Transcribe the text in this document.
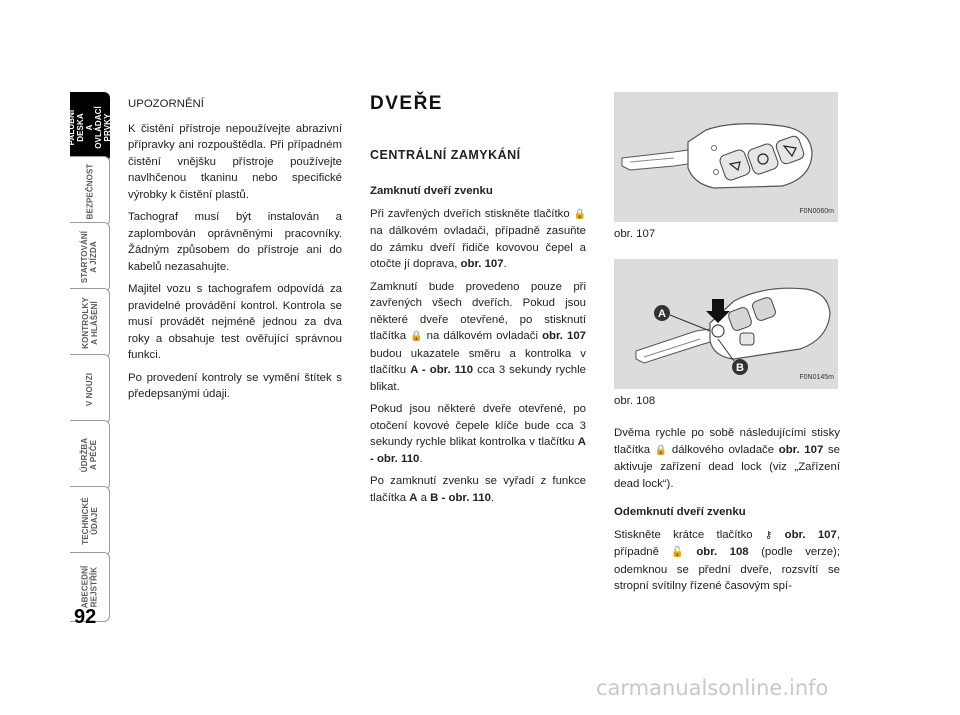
PALUBNÍ DESKA
A OVLÁDACÍ PRVKY
BEZPEČNOST
STARTOVÁNÍ
A JÍZDA
KONTROLKY
A HLÁŠENÍ
V NOUZI
ÚDRŽBA
A PÉČE
TECHNICKÉ
ÚDAJE
ABECEDNÍ
REJSTŘÍK
92

UPOZORNĚNÍ

K čistění přístroje nepoužívejte abrazivní přípravky ani rozpouštědla. Při případném čistění vnějšku přístroje používejte navlhčenou tkaninu nebo specifické výrobky k čistění plastů.

Tachograf musí být instalován a zaplombován oprávněnými pracovníky. Žádným způsobem do přístroje ani do kabelů nezasahujte.

Majitel vozu s tachografem odpovídá za pravidelné provádění kontrol. Kontrola se musí provádět nejméně jednou za dva roky a obsahuje test ověřující správnou funkci.

Po provedení kontroly se vymění štítek s předepsanými údaji.

DVEŘE
CENTRÁLNÍ ZAMYKÁNÍ

Zamknutí dveří zvenku

Při zavřených dveřích stiskněte tlačítko 🔒 na dálkovém ovladači, případně zasuňte do zámku dveří řidiče kovovou čepel a otočte jí doprava, obr. 107.

Zamknutí bude provedeno pouze při zavřených všech dveřích. Pokud jsou některé dveře otevřené, po stisknutí tlačítka 🔒 na dálkovém ovladači obr. 107 budou ukazatele směru a kontrolka v tlačítku A - obr. 110 cca 3 sekundy rychle blikat.

Pokud jsou některé dveře otevřené, po otočení kovové čepele klíče bude cca 3 sekundy rychle blikat kontrolka v tlačítku A - obr. 110.

Po zamknutí zvenku se vyřadí z funkce tlačítka A a B - obr. 110.

F0N0060m
obr. 107
A
B
F0N0145m
obr. 108

Dvěma rychle po sobě následujícími stisky tlačítka 🔒 dálkového ovladače obr. 107 se aktivuje zařízení dead lock (viz „Zařízení dead lock“).

Odemknutí dveří zvenku

Stiskněte krátce tlačítko ⚷ obr. 107, případně 🔓 obr. 108 (podle verze); odemknou se přední dveře, rozsvítí se stropní svítilny řízené časovým spí-

carmanualsonline.info
